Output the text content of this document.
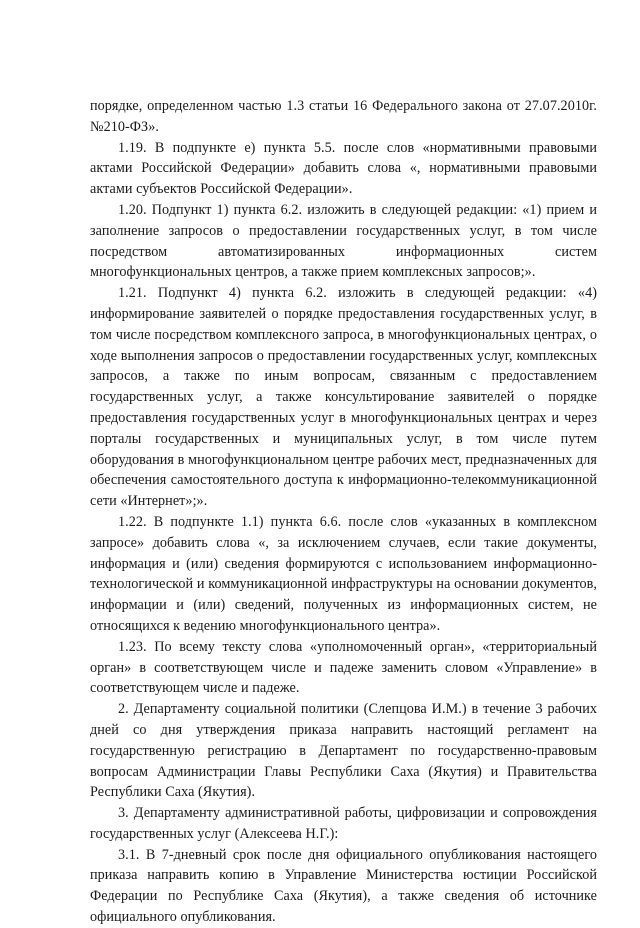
порядке, определенном частью 1.3 статьи 16 Федерального закона от 27.07.2010г. №210-ФЗ».

1.19. В подпункте е) пункта 5.5. после слов «нормативными правовыми актами Российской Федерации» добавить слова «, нормативными правовыми актами субъектов Российской Федерации».

1.20. Подпункт 1) пункта 6.2. изложить в следующей редакции: «1) прием и заполнение запросов о предоставлении государственных услуг, в том числе посредством автоматизированных информационных систем многофункциональных центров, а также прием комплексных запросов;».

1.21. Подпункт 4) пункта 6.2. изложить в следующей редакции: «4) информирование заявителей о порядке предоставления государственных услуг, в том числе посредством комплексного запроса, в многофункциональных центрах, о ходе выполнения запросов о предоставлении государственных услуг, комплексных запросов, а также по иным вопросам, связанным с предоставлением государственных услуг, а также консультирование заявителей о порядке предоставления государственных услуг в многофункциональных центрах и через порталы государственных и муниципальных услуг, в том числе путем оборудования в многофункциональном центре рабочих мест, предназначенных для обеспечения самостоятельного доступа к информационно-телекоммуникационной сети «Интернет»;».

1.22. В подпункте 1.1) пункта 6.6. после слов «указанных в комплексном запросе» добавить слова «, за исключением случаев, если такие документы, информация и (или) сведения формируются с использованием информационно-технологической и коммуникационной инфраструктуры на основании документов, информации и (или) сведений, полученных из информационных систем, не относящихся к ведению многофункционального центра».

1.23. По всему тексту слова «уполномоченный орган», «территориальный орган» в соответствующем числе и падеже заменить словом «Управление» в соответствующем числе и падеже.

2. Департаменту социальной политики (Слепцова И.М.) в течение 3 рабочих дней со дня утверждения приказа направить настоящий регламент на государственную регистрацию в Департамент по государственно-правовым вопросам Администрации Главы Республики Саха (Якутия) и Правительства Республики Саха (Якутия).

3. Департаменту административной работы, цифровизации и сопровождения государственных услуг (Алексеева Н.Г.):

3.1. В 7-дневный срок после дня официального опубликования настоящего приказа направить копию в Управление Министерства юстиции Российской Федерации по Республике Саха (Якутия), а также сведения об источнике официального опубликования.
